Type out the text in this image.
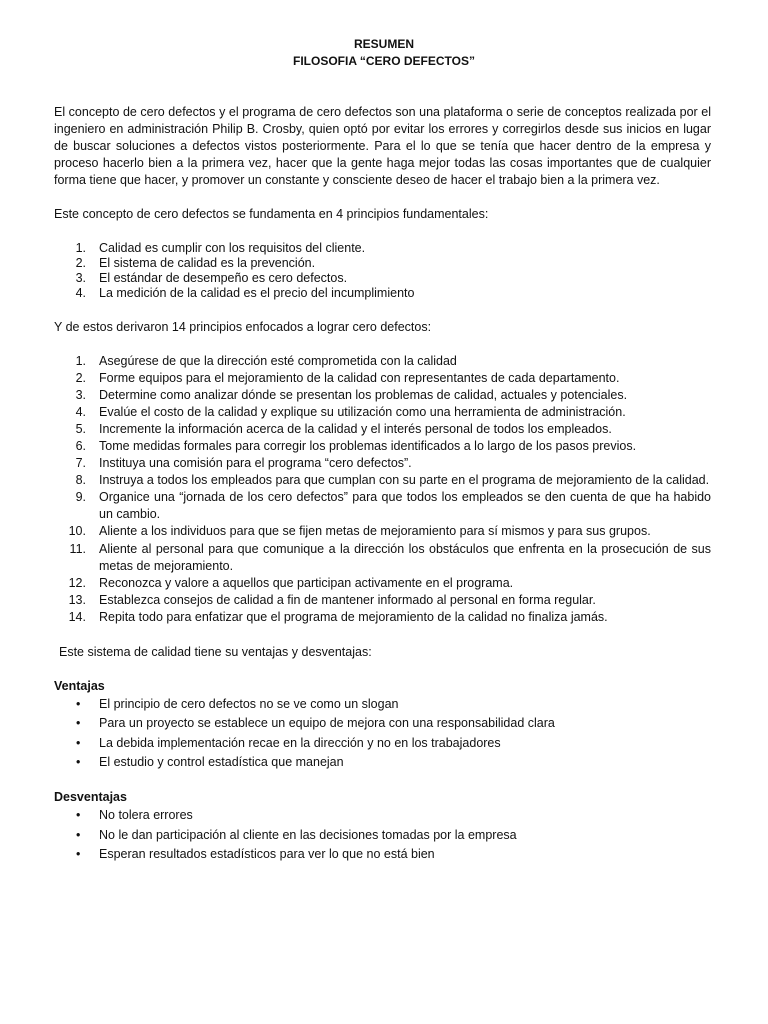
RESUMEN
FILOSOFIA “CERO DEFECTOS”
El concepto de cero defectos y el programa de cero defectos son una plataforma o serie de conceptos realizada por el
ingeniero en administración Philip B. Crosby, quien optó por evitar los errores y corregirlos desde sus inicios en lugar
de buscar soluciones a defectos vistos posteriormente. Para el lo que se tenía que hacer dentro de la empresa y
proceso hacerlo bien a la primera vez, hacer que la gente haga mejor todas las cosas importantes que de cualquier
forma tiene que hacer, y promover un constante y consciente deseo de hacer el trabajo bien a la primera vez.
Este concepto de cero defectos se fundamenta en 4 principios fundamentales:
1. Calidad es cumplir con los requisitos del cliente.
2. El sistema de calidad es la prevención.
3. El estándar de desempeño es cero defectos.
4. La medición de la calidad es el precio del incumplimiento
Y de estos derivaron 14 principios enfocados a lograr cero defectos:
1. Asegúrese de que la dirección esté comprometida con la calidad
2. Forme equipos para el mejoramiento de la calidad con representantes de cada departamento.
3. Determine como analizar dónde se presentan los problemas de calidad, actuales y potenciales.
4. Evalúe el costo de la calidad y explique su utilización como una herramienta de administración.
5. Incremente la información acerca de la calidad y el interés personal de todos los empleados.
6. Tome medidas formales para corregir los problemas identificados a lo largo de los pasos previos.
7. Instituya una comisión para el programa “cero defectos”.
8. Instruya a todos los empleados para que cumplan con su parte en el programa de mejoramiento de la calidad.
9. Organice una “jornada de los cero defectos” para que todos los empleados se den cuenta de que ha habido
un cambio.
10. Aliente a los individuos para que se fijen metas de mejoramiento para sí mismos y para sus grupos.
11. Aliente al personal para que comunique a la dirección los obstáculos que enfrenta en la prosecución de sus
metas de mejoramiento.
12. Reconozca y valore a aquellos que participan activamente en el programa.
13. Establezca consejos de calidad a fin de mantener informado al personal en forma regular.
14. Repita todo para enfatizar que el programa de mejoramiento de la calidad no finaliza jamás.
Este sistema de calidad tiene su ventajas y desventajas:
Ventajas
• El principio de cero defectos no se ve como un slogan
• Para un proyecto se establece un equipo de mejora con una responsabilidad clara
• La debida implementación recae en la dirección y no en los trabajadores
• El estudio y control estadística que manejan
Desventajas
• No tolera errores
• No le dan participación al cliente en las decisiones tomadas por la empresa
• Esperan resultados estadísticos para ver lo que no está bien
